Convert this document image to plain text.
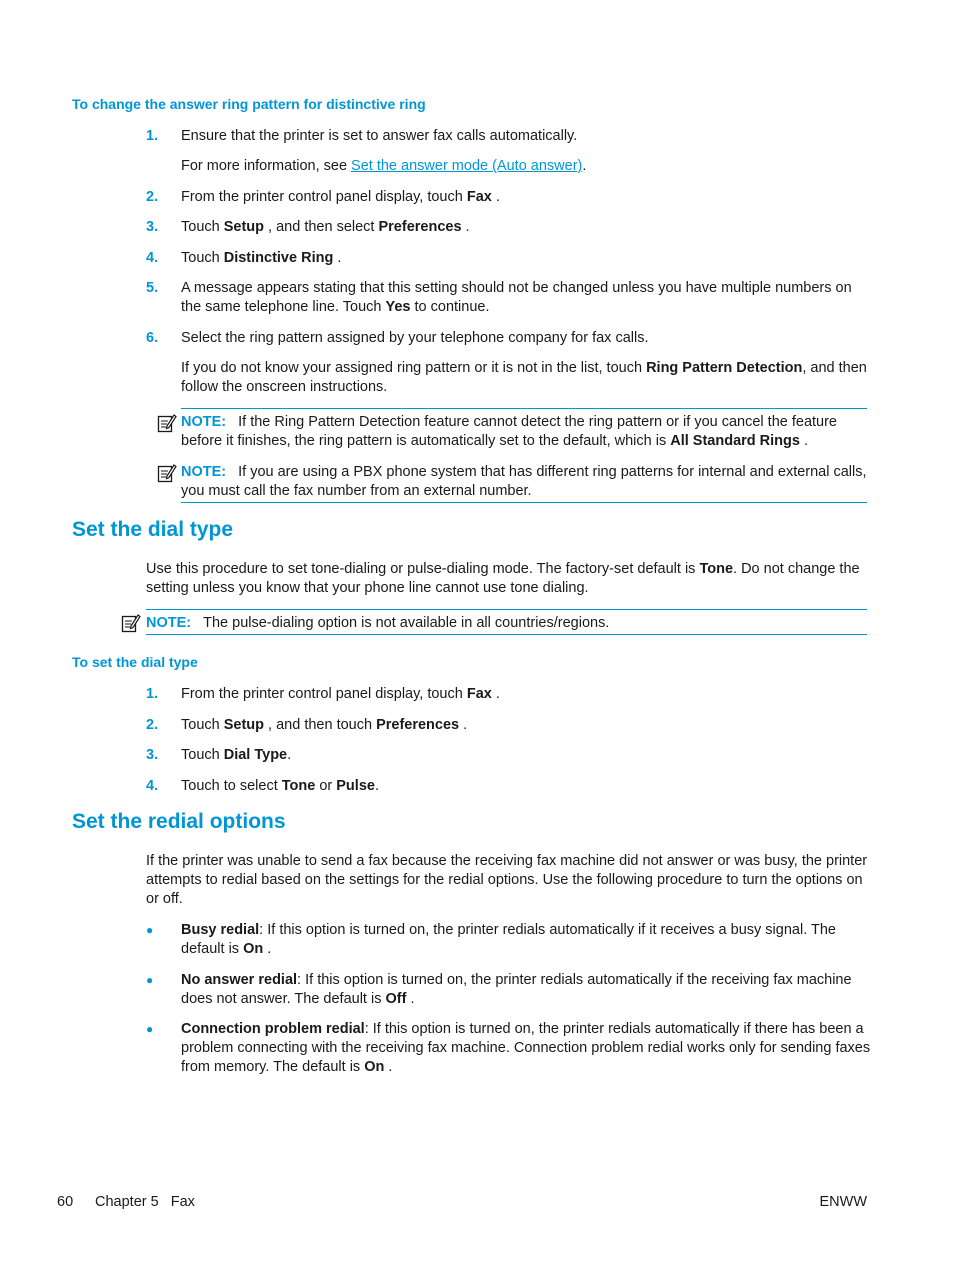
To change the answer ring pattern for distinctive ring
1. Ensure that the printer is set to answer fax calls automatically.
For more information, see Set the answer mode (Auto answer).
2. From the printer control panel display, touch Fax .
3. Touch Setup , and then select Preferences .
4. Touch Distinctive Ring .
5. A message appears stating that this setting should not be changed unless you have multiple numbers on the same telephone line. Touch Yes to continue.
6. Select the ring pattern assigned by your telephone company for fax calls.
If you do not know your assigned ring pattern or it is not in the list, touch Ring Pattern Detection, and then follow the onscreen instructions.
NOTE: If the Ring Pattern Detection feature cannot detect the ring pattern or if you cancel the feature before it finishes, the ring pattern is automatically set to the default, which is All Standard Rings .
NOTE: If you are using a PBX phone system that has different ring patterns for internal and external calls, you must call the fax number from an external number.
Set the dial type
Use this procedure to set tone-dialing or pulse-dialing mode. The factory-set default is Tone. Do not change the setting unless you know that your phone line cannot use tone dialing.
NOTE: The pulse-dialing option is not available in all countries/regions.
To set the dial type
1. From the printer control panel display, touch Fax .
2. Touch Setup , and then touch Preferences .
3. Touch Dial Type.
4. Touch to select Tone or Pulse.
Set the redial options
If the printer was unable to send a fax because the receiving fax machine did not answer or was busy, the printer attempts to redial based on the settings for the redial options. Use the following procedure to turn the options on or off.
● Busy redial: If this option is turned on, the printer redials automatically if it receives a busy signal. The default is On .
● No answer redial: If this option is turned on, the printer redials automatically if the receiving fax machine does not answer. The default is Off .
● Connection problem redial: If this option is turned on, the printer redials automatically if there has been a problem connecting with the receiving fax machine. Connection problem redial works only for sending faxes from memory. The default is On .
60 Chapter 5   Fax	ENWW
